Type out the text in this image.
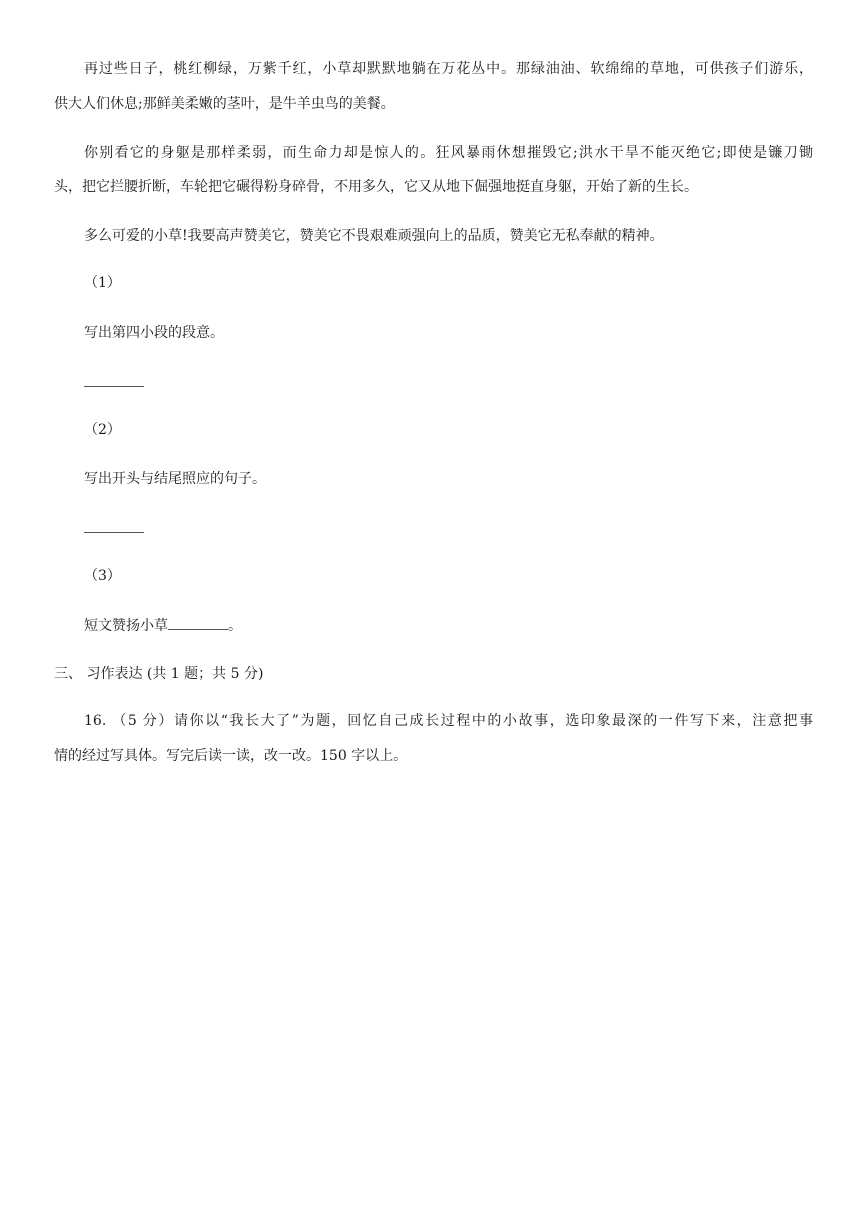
再过些日子，桃红柳绿，万紫千红，小草却默默地躺在万花丛中。那绿油油、软绵绵的草地，可供孩子们游乐，
供大人们休息;那鲜美柔嫩的茎叶，是牛羊虫鸟的美餐。
你别看它的身躯是那样柔弱，而生命力却是惊人的。狂风暴雨休想摧毁它;洪水干旱不能灭绝它;即使是镰刀锄
头，把它拦腰折断，车轮把它碾得粉身碎骨，不用多久，它又从地下倔强地挺直身躯，开始了新的生长。
多么可爱的小草!我要高声赞美它，赞美它不畏艰难顽强向上的品质，赞美它无私奉献的精神。
（1）
写出第四小段的段意。
（2）
写出开头与结尾照应的句子。
（3）
短文赞扬小草	。
三、 习作表达 (共 1 题；共 5 分)
16. （5 分）请你以“我长大了”为题，回忆自己成长过程中的小故事，选印象最深的一件写下来，注意把事
情的经过写具体。写完后读一读，改一改。150 字以上。
